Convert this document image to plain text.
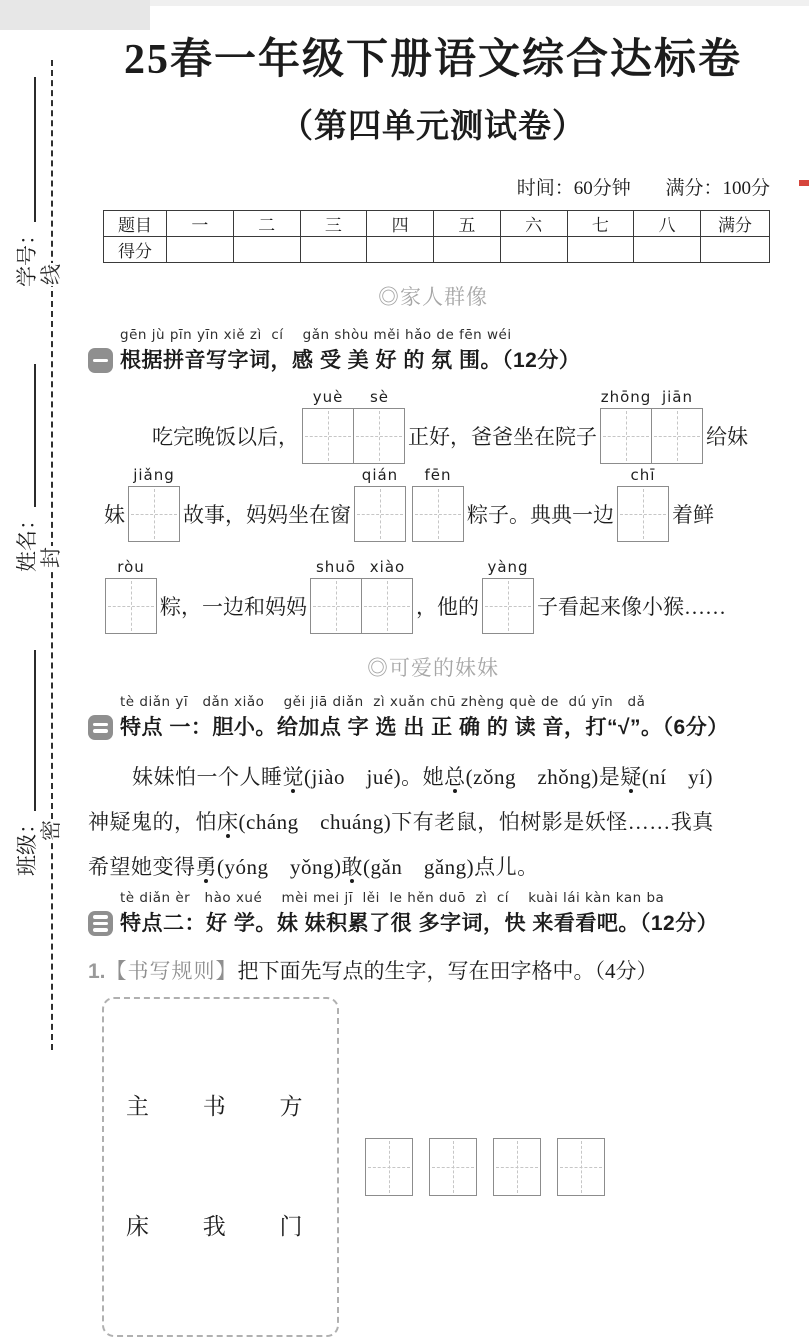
学号：
姓名：
班级：
线
封
密
25春一年级下册语文综合达标卷
（第四单元测试卷）
时间：60分钟 满分：100分
题目	一	二	三	四	五	六	七	八	满分
得分									
◎家人群像
gēn jù pīn yīn xiě zì  cí    gǎn shòu měi hǎo de fēn wéi
根据拼音写字词，感 受 美 好 的 氛 围。（12分）
吃完晚饭以后，
yuè sè
正好，爸爸坐在院子
zhōng jiān
给妹
妹
jiǎng
故事，妈妈坐在窗
qián fēn
粽子。典典一边
chī
着鲜
ròu
粽，一边和妈妈
shuō xiào
，他的
yàng
子看起来像小猴……
◎可爱的妹妹
tè diǎn yī   dǎn xiǎo    gěi jiā diǎn  zì xuǎn chū zhèng què de  dú yīn   dǎ
特点 一：胆小。给加点 字 选 出 正 确 的 读 音，打“√”。（6分）
妹妹怕一个人睡觉(jiào　jué)。她总(zǒng　zhǒng)是疑(ní　yí)
神疑鬼的，怕床(cháng　chuáng)下有老鼠，怕树影是妖怪……我真
希望她变得勇(yóng　yǒng)敢(gǎn　gǎng)点儿。
tè diǎn èr   hào xué    mèi mei jī  lěi  le hěn duō  zì  cí    kuài lái kàn kan ba
特点二：好 学。妹 妹积累了很 多字词，快 来看看吧。（12分）
1.【书写规则】把下面先写点的生字，写在田字格中。（4分）

主 书 方

床 我 门
